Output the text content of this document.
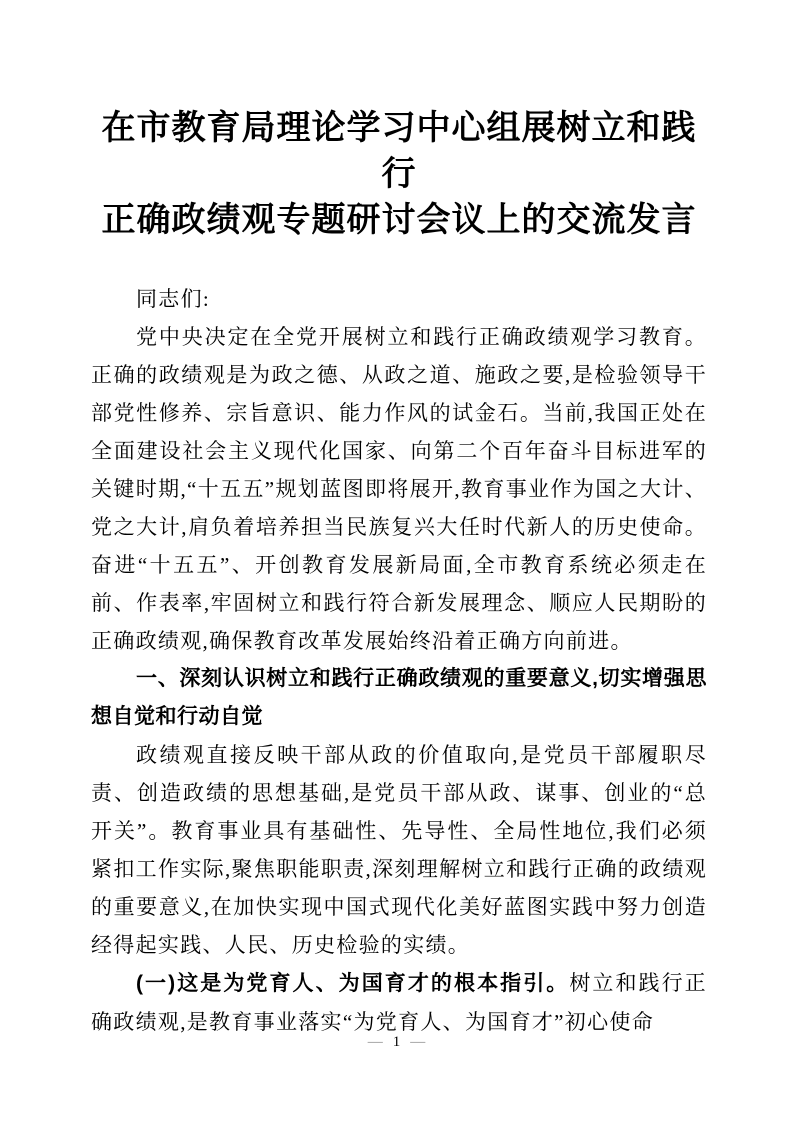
在市教育局理论学习中心组展树立和践行
正确政绩观专题研讨会议上的交流发言

同志们:

党中央决定在全党开展树立和践行正确政绩观学习教育。正确的政绩观是为政之德、从政之道、施政之要,是检验领导干部党性修养、宗旨意识、能力作风的试金石。当前,我国正处在全面建设社会主义现代化国家、向第二个百年奋斗目标进军的关键时期,“十五五”规划蓝图即将展开,教育事业作为国之大计、党之大计,肩负着培养担当民族复兴大任时代新人的历史使命。奋进“十五五”、开创教育发展新局面,全市教育系统必须走在前、作表率,牢固树立和践行符合新发展理念、顺应人民期盼的正确政绩观,确保教育改革发展始终沿着正确方向前进。

一、深刻认识树立和践行正确政绩观的重要意义,切实增强思想自觉和行动自觉

政绩观直接反映干部从政的价值取向,是党员干部履职尽责、创造政绩的思想基础,是党员干部从政、谋事、创业的“总开关”。教育事业具有基础性、先导性、全局性地位,我们必须紧扣工作实际,聚焦职能职责,深刻理解树立和践行正确的政绩观的重要意义,在加快实现中国式现代化美好蓝图实践中努力创造经得起实践、人民、历史检验的实绩。

(一)这是为党育人、为国育才的根本指引。树立和践行正确政绩观,是教育事业落实“为党育人、为国育才”初心使命

— 1 —
